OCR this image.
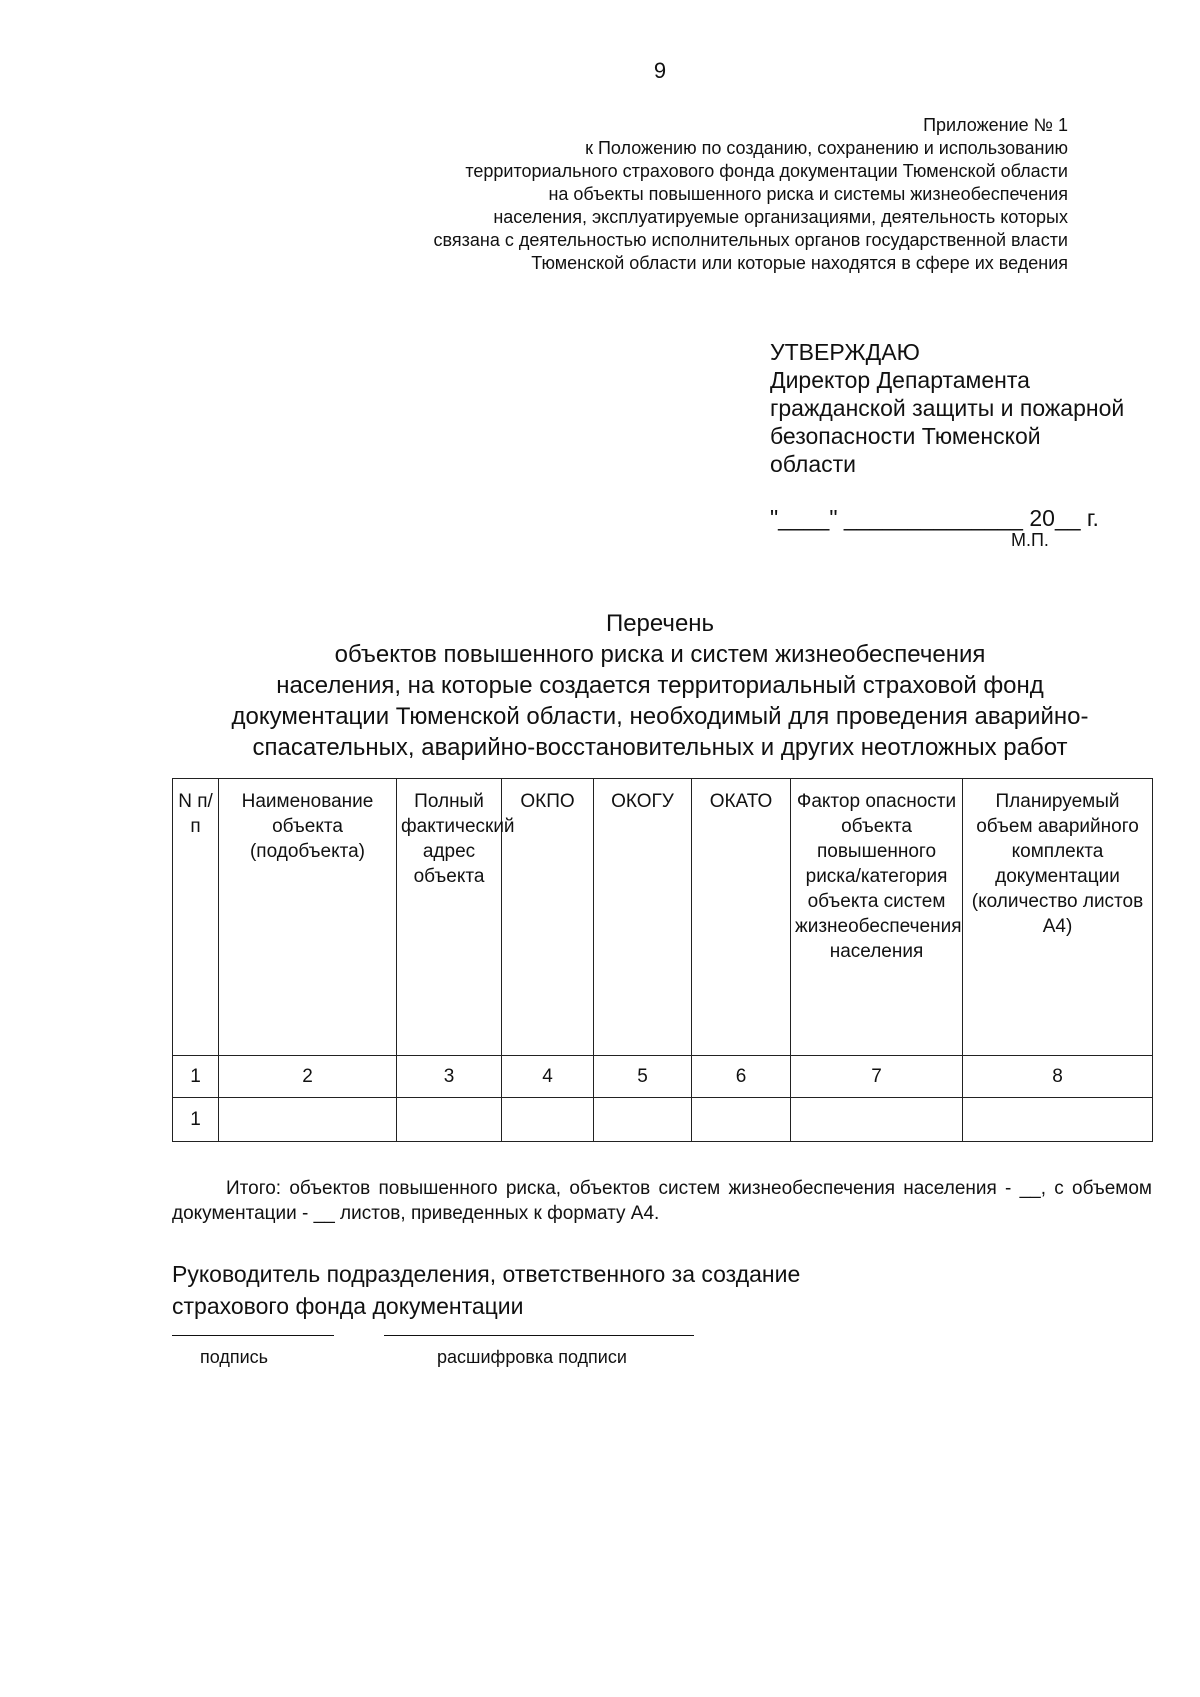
9
Приложение № 1
к Положению по созданию, сохранению и использованию
территориального страхового фонда документации Тюменской области
на объекты повышенного риска и системы жизнеобеспечения
населения, эксплуатируемые организациями, деятельность которых
связана с деятельностью исполнительных органов государственной власти
Тюменской области или которые находятся в сфере их ведения
УТВЕРЖДАЮ
Директор Департамента
гражданской защиты и пожарной
безопасности Тюменской
области
"____" ______________ 20__ г.
М.П.
Перечень
объектов повышенного риска и систем жизнеобеспечения
населения, на которые создается территориальный страховой фонд
документации Тюменской области, необходимый для проведения аварийно-
спасательных, аварийно-восстановительных и других неотложных работ
N п/п	Наименование объекта (подобъекта)	Полный фактический адрес объекта	ОКПО	ОКОГУ	ОКАТО	Фактор опасности объекта повышенного риска/категория объекта систем жизнеобеспечения населения	Планируемый объем аварийного комплекта документации (количество листов А4)
1	2	3	4	5	6	7	8
1							
Итого: объектов повышенного риска, объектов систем жизнеобеспечения населения - __, с объемом документации - __ листов, приведенных к формату А4.
Руководитель подразделения, ответственного за создание
страхового фонда документации
подпись	расшифровка подписи
